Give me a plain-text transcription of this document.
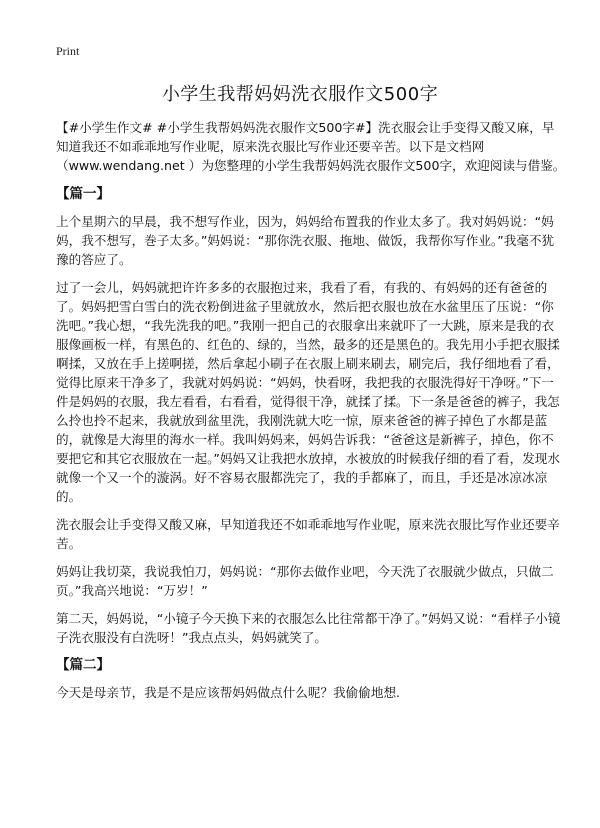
Print
小学生我帮妈妈洗衣服作文500字

【#小学生作文# #小学生我帮妈妈洗衣服作文500字#】洗衣服会让手变得又酸又麻，早知道我还不如乖乖地写作业呢，原来洗衣服比写作业还要辛苦。以下是文档网（www.wendang.net ）为您整理的小学生我帮妈妈洗衣服作文500字，欢迎阅读与借鉴。

【篇一】

上个星期六的早晨，我不想写作业，因为，妈妈给布置我的作业太多了。我对妈妈说：“妈妈，我不想写，巻子太多。”妈妈说：“那你洗衣服、拖地、做饭，我帮你写作业。”我毫不犹豫的答应了。

过了一会儿，妈妈就把许许多多的衣服抱过来，我看了看，有我的、有妈妈的还有爸爸的了。妈妈把雪白雪白的洗衣粉倒进盆子里就放水，然后把衣服也放在水盆里压了压说：“你洗吧。”我心想，“我先洗我的吧。”我刚一把自己的衣服拿出来就吓了一大跳，原来是我的衣服像画板一样，有黑色的、红色的、绿的，当然，最多的还是黑色的。我先用小手把衣服揉啊揉，又放在手上搓啊搓，然后拿起小刷子在衣服上刷来刷去，刷完后，我仔细地看了看，觉得比原来干净多了，我就对妈妈说：“妈妈，快看呀，我把我的衣服洗得好干净呀。”下一件是妈妈的衣服，我左看看，右看看，觉得很干净，就揉了揉。下一条是爸爸的裤子，我怎么拎也拎不起来，我就放到盆里洗，我刚洗就大吃一惊，原来爸爸的裤子掉色了水都是蓝的，就像是大海里的海水一样。我叫妈妈来，妈妈告诉我：“爸爸这是新裤子，掉色，你不要把它和其它衣服放在一起。”妈妈又让我把水放掉，水被放的时候我仔细的看了看，发现水就像一个又一个的漩涡。好不容易衣服都洗完了，我的手都麻了，而且，手还是冰凉冰凉的。

洗衣服会让手变得又酸又麻，早知道我还不如乖乖地写作业呢，原来洗衣服比写作业还要辛苦。

妈妈让我切菜，我说我怕刀，妈妈说：“那你去做作业吧，今天洗了衣服就少做点，只做二页。”我高兴地说：“万岁！”

第二天，妈妈说，“小镜子今天换下来的衣服怎么比往常都干净了。”妈妈又说：“看样子小镜子洗衣服没有白洗呀！”我点点头，妈妈就笑了。

【篇二】

今天是母亲节，我是不是应该帮妈妈做点什么呢？我偷偷地想.
